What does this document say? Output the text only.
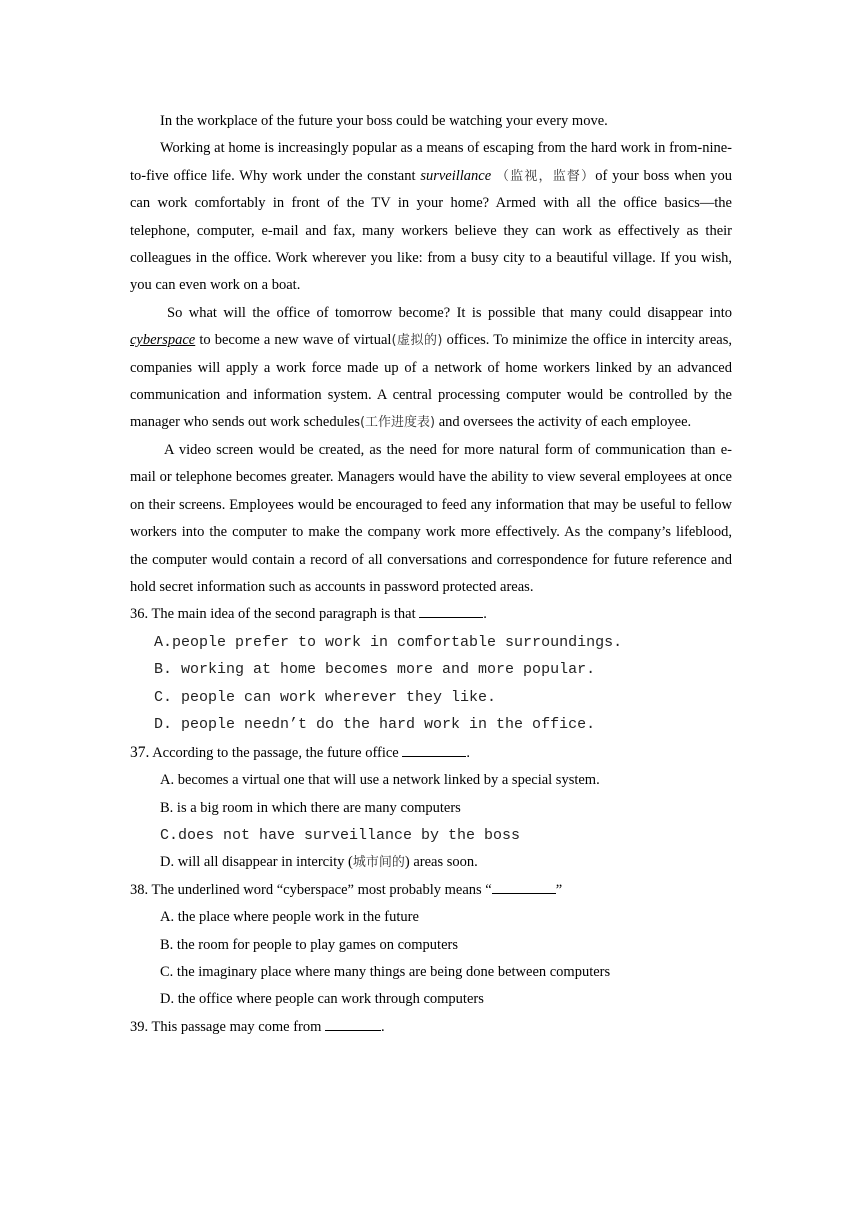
In the workplace of the future your boss could be watching your every move.

Working at home is increasingly popular as a means of escaping from the hard work in from-nine-to-five office life. Why work under the constant surveillance （监视，监督）of your boss when you can work comfortably in front of the TV in your home? Armed with all the office basics—the telephone, computer, e-mail and fax, many workers believe they can work as effectively as their colleagues in the office. Work wherever you like: from a busy city to a beautiful village. If you wish, you can even work on a boat.

So what will the office of tomorrow become? It is possible that many could disappear into cyberspace to become a new wave of virtual(虚拟的) offices. To minimize the office in intercity areas, companies will apply a work force made up of a network of home workers linked by an advanced communication and information system. A central processing computer would be controlled by the manager who sends out work schedules(工作进度表) and oversees the activity of each employee.

A video screen would be created, as the need for more natural form of communication than e-mail or telephone becomes greater. Managers would have the ability to view several employees at once on their screens. Employees would be encouraged to feed any information that may be useful to fellow workers into the computer to make the company work more effectively. As the company’s lifeblood, the computer would contain a record of all conversations and correspondence for future reference and hold secret information such as accounts in password protected areas.

36. The main idea of the second paragraph is that	.

A.people prefer to work in comfortable surroundings.

B. working at home becomes more and more popular.

C. people can work wherever they like.

D. people needn’t do the hard work in the office.

37. According to the passage, the future office	.

A. becomes a virtual one that will use a network linked by a special system.

B. is a big room in which there are many computers

C.does not have surveillance by the boss

D. will all disappear in intercity (城市间的) areas soon.

38. The underlined word “cyberspace” most probably means “	”

A. the place where people work in the future

B. the room for people to play games on computers

C. the imaginary place where many things are being done between computers

D. the office where people can work through computers

39. This passage may come from	.
